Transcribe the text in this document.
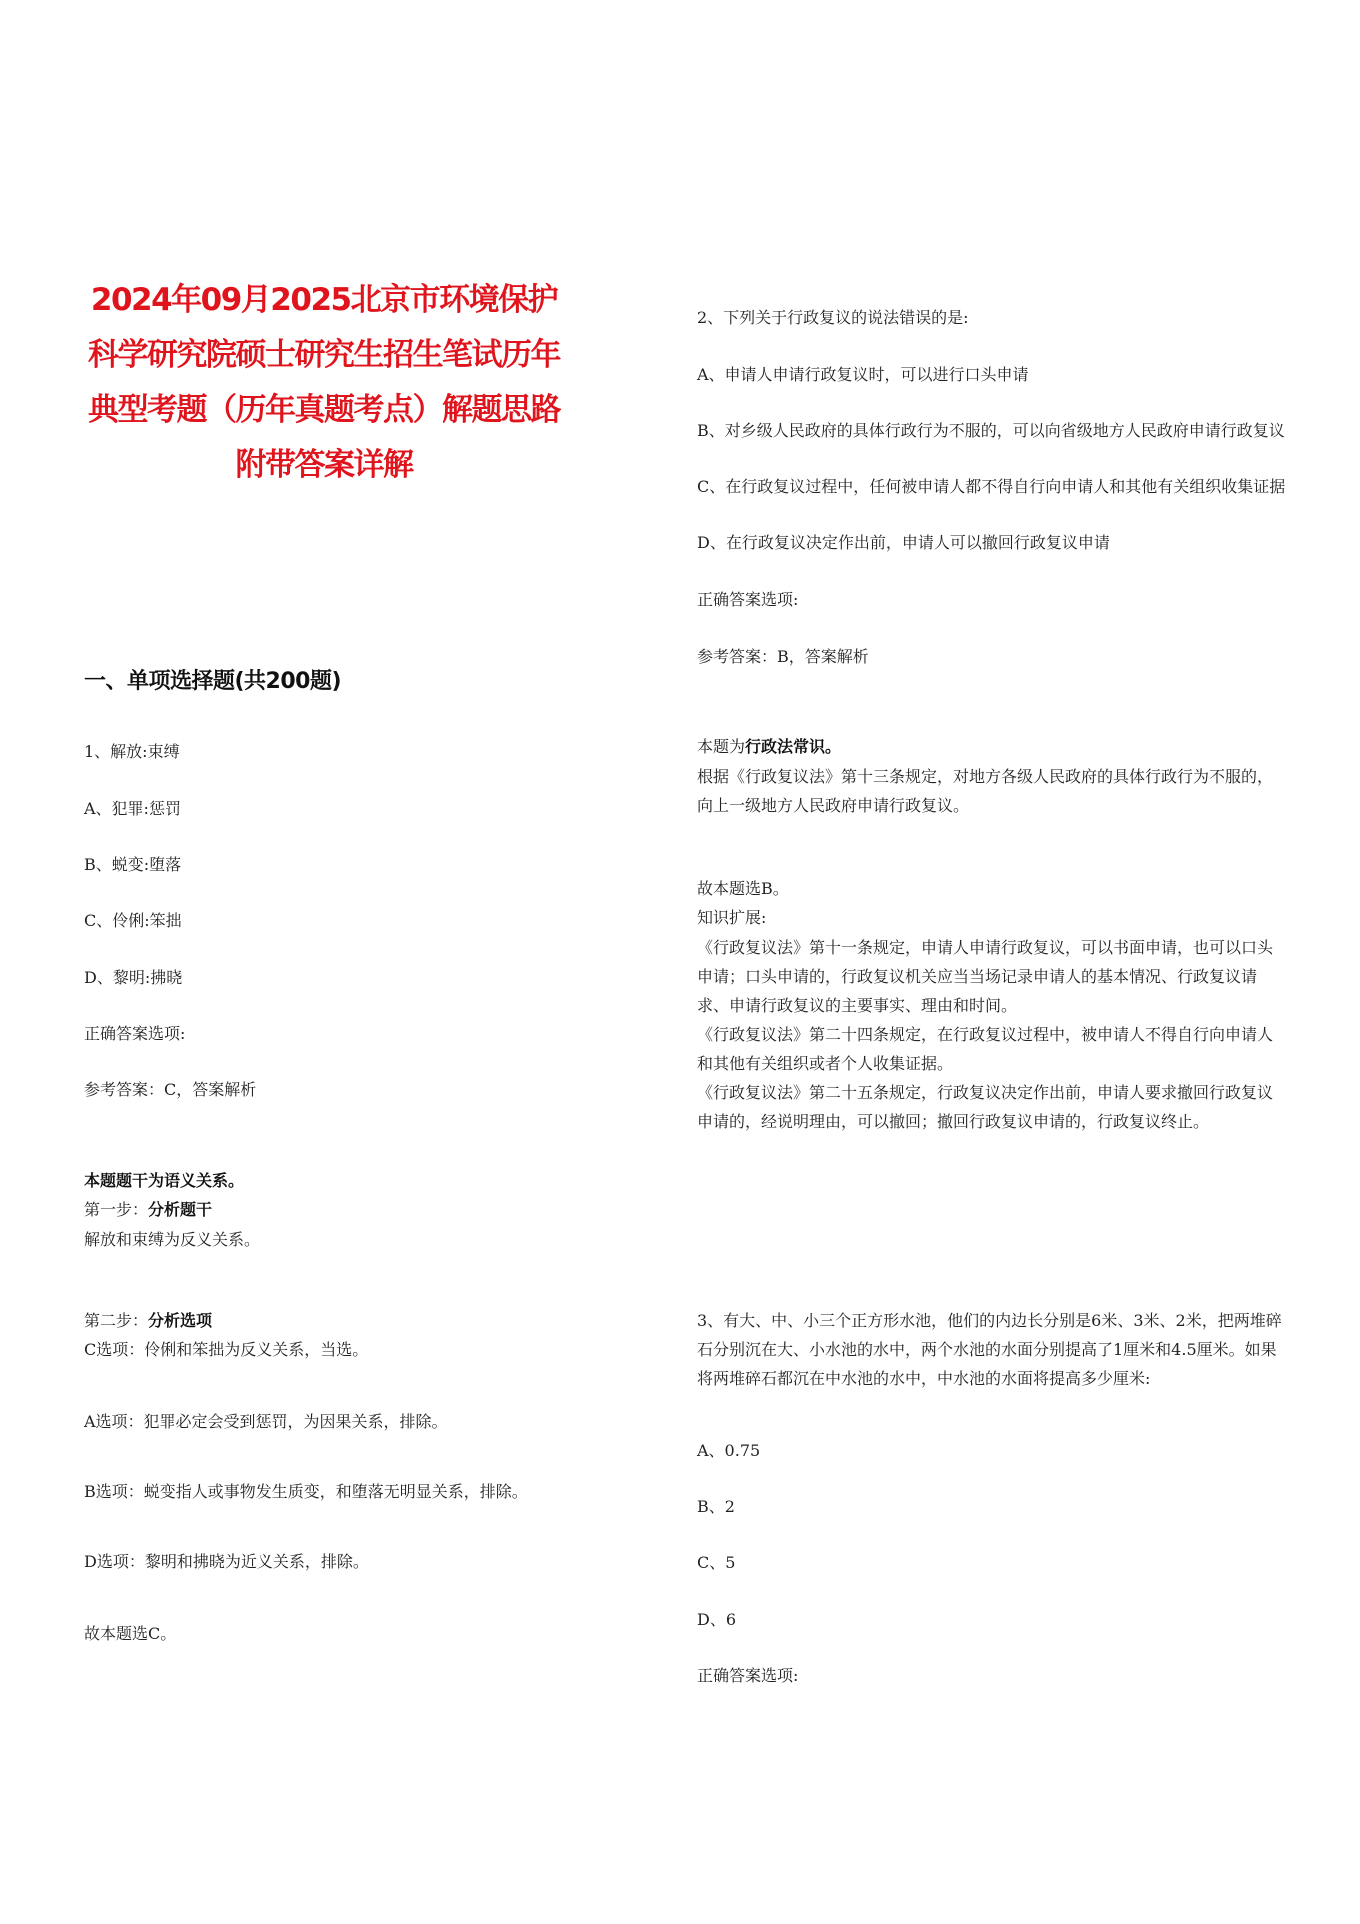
2024年09月2025北京市环境保护科学研究院硕士研究生招生笔试历年典型考题（历年真题考点）解题思路附带答案详解
一、单项选择题(共200题)

1、解放:束缚

A、犯罪:惩罚

B、蜕变:堕落

C、伶俐:笨拙

D、黎明:拂晓

正确答案选项:

参考答案：C，答案解析

本题题干为语义关系。

第一步：分析题干

解放和束缚为反义关系。

第二步：分析选项

C选项：伶俐和笨拙为反义关系，当选。

A选项：犯罪必定会受到惩罚，为因果关系，排除。

B选项：蜕变指人或事物发生质变，和堕落无明显关系，排除。

D选项：黎明和拂晓为近义关系，排除。

故本题选C。

2、下列关于行政复议的说法错误的是:

A、申请人申请行政复议时，可以进行口头申请

B、对乡级人民政府的具体行政行为不服的，可以向省级地方人民政府申请行政复议

C、在行政复议过程中，任何被申请人都不得自行向申请人和其他有关组织收集证据

D、在行政复议决定作出前，申请人可以撤回行政复议申请

正确答案选项:

参考答案：B，答案解析

本题为行政法常识。

根据《行政复议法》第十三条规定，对地方各级人民政府的具体行政行为不服的，向上一级地方人民政府申请行政复议。

故本题选B。

知识扩展:

《行政复议法》第十一条规定，申请人申请行政复议，可以书面申请，也可以口头申请；口头申请的，行政复议机关应当当场记录申请人的基本情况、行政复议请求、申请行政复议的主要事实、理由和时间。

《行政复议法》第二十四条规定，在行政复议过程中，被申请人不得自行向申请人和其他有关组织或者个人收集证据。

《行政复议法》第二十五条规定，行政复议决定作出前，申请人要求撤回行政复议申请的，经说明理由，可以撤回；撤回行政复议申请的，行政复议终止。

3、有大、中、小三个正方形水池，他们的内边长分别是6米、3米、2米，把两堆碎石分别沉在大、小水池的水中，两个水池的水面分别提高了1厘米和4.5厘米。如果将两堆碎石都沉在中水池的水中，中水池的水面将提高多少厘米:

A、0.75

B、2

C、5

D、6

正确答案选项:
